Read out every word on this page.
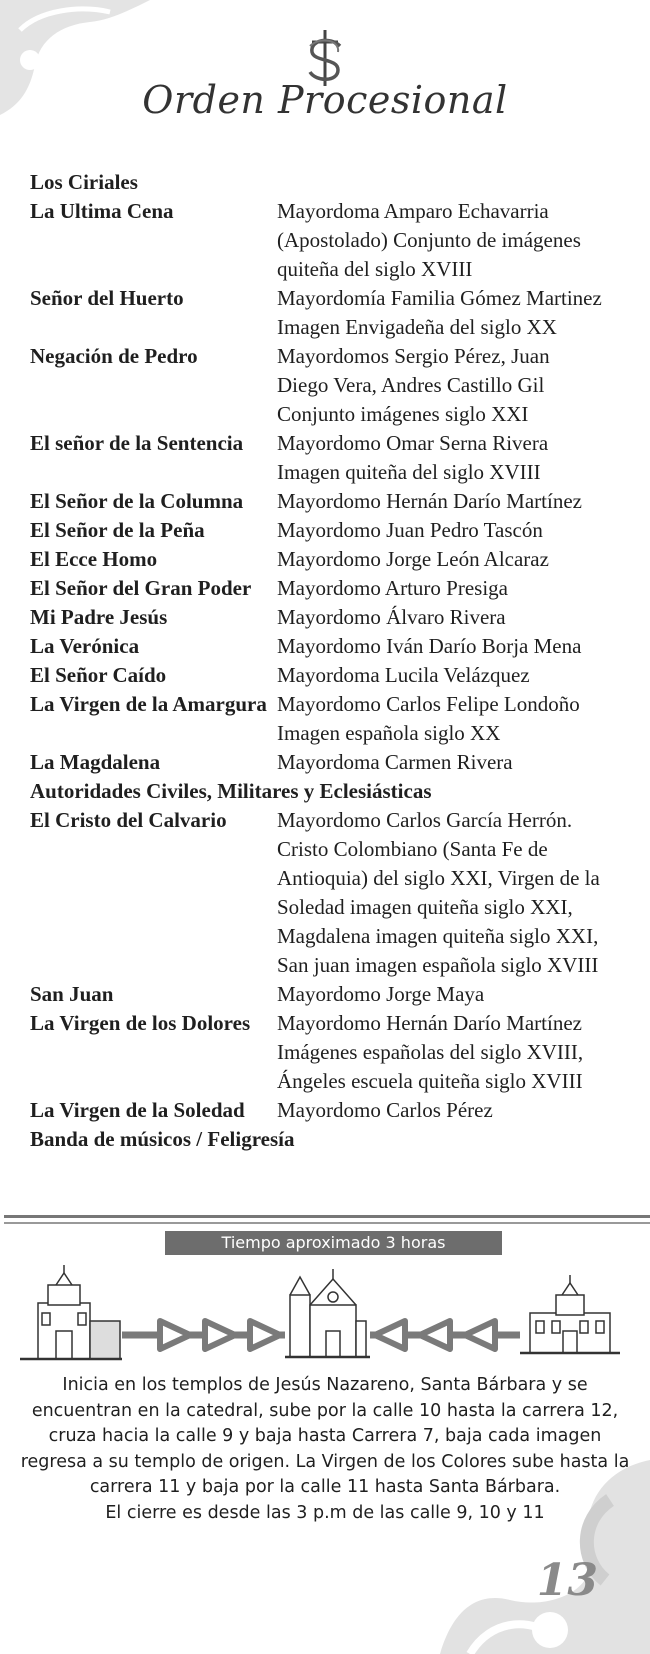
Orden Procesional
Los Ciriales
La Ultima Cena	Mayordoma Amparo Echavarria
(Apostolado) Conjunto de imágenes
quiteña del siglo XVIII
Señor del Huerto	Mayordomía Familia Gómez Martinez
Imagen Envigadeña del siglo XX
Negación de Pedro	Mayordomos Sergio Pérez, Juan
Diego Vera, Andres Castillo Gil
Conjunto imágenes siglo XXI
El señor de la Sentencia	Mayordomo Omar Serna Rivera
Imagen quiteña del siglo XVIII
El Señor de la Columna	Mayordomo Hernán Darío Martínez
El Señor de la Peña	Mayordomo Juan Pedro Tascón
El Ecce Homo	Mayordomo Jorge León Alcaraz
El Señor del Gran Poder	Mayordomo Arturo Presiga
Mi Padre Jesús	Mayordomo Álvaro Rivera
La Verónica	Mayordomo Iván Darío Borja Mena
El Señor Caído	Mayordoma Lucila Velázquez
La Virgen de la Amargura Mayordomo Carlos Felipe Londoño
Imagen española siglo XX
La Magdalena	Mayordoma Carmen Rivera
Autoridades Civiles, Militares y Eclesiásticas
El Cristo del Calvario	Mayordomo Carlos García Herrón.
Cristo Colombiano (Santa Fe de
Antioquia) del siglo XXI, Virgen de la
Soledad imagen quiteña siglo XXI,
Magdalena imagen quiteña siglo XXI,
San juan imagen española siglo XVIII
San Juan	Mayordomo Jorge Maya
La Virgen de los Dolores	Mayordomo Hernán Darío Martínez
Imágenes españolas del siglo XVIII,
Ángeles escuela quiteña siglo XVIII
La Virgen de la Soledad	Mayordomo Carlos Pérez
Banda de músicos / Feligresía
Tiempo aproximado 3 horas
Inicia en los templos de Jesús Nazareno, Santa Bárbara y se encuentran en la catedral, sube por la calle 10 hasta la carrera 12, cruza hacia la calle 9 y baja hasta Carrera 7, baja cada imagen regresa a su templo de origen. La Virgen de los Colores sube hasta la carrera 11 y baja por la calle 11 hasta Santa Bárbara.
El cierre es desde las 3 p.m de las calle 9, 10 y 11
13
